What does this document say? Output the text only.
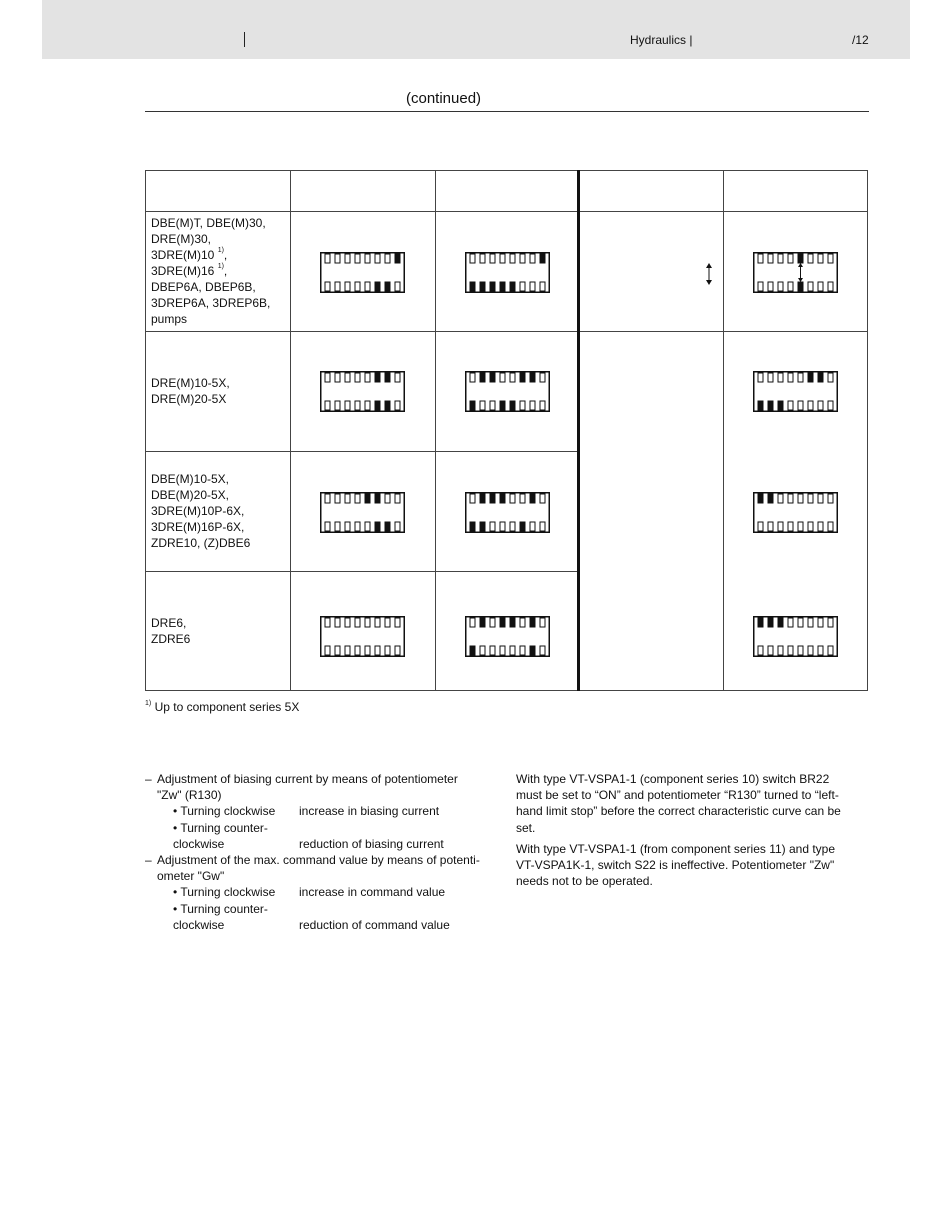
Hydraulics |	/12
(continued)
DBE(M)T, DBE(M)30,
DRE(M)30,
3DRE(M)10 $^{1)}$,
3DRE(M)16 $^{1)}$,
DBEP6A, DBEP6B,
3DREP6A, 3DREP6B,
pumps
DRE(M)10-5X,
DRE(M)20-5X
DBE(M)10-5X,
DBE(M)20-5X,
3DRE(M)10P-6X,
3DRE(M)16P-6X,
ZDRE10, (Z)DBE6
DRE6,
ZDRE6
$^{1)}$ Up to component series 5X
– Adjustment of biasing current by means of potentiometer
"Zw" (R130)
• Turning clockwise increase in biasing current
• Turning counter-clockwise	reduction of biasing current
– Adjustment of the max. command value by means of potenti-
ometer "Gw"
• Turning clockwise increase in command value
• Turning counter-clockwise	reduction of command value
With type VT-VSPA1-1 (component series 10) switch BR22
must be set to “ON” and potentiometer “R130” turned to “left-
hand limit stop” before the correct characteristic curve can be
set.
With type VT-VSPA1-1 (from component series 11) and type
VT-VSPA1K-1, switch S22 is ineffective. Potentiometer "Zw"
needs not to be operated.
